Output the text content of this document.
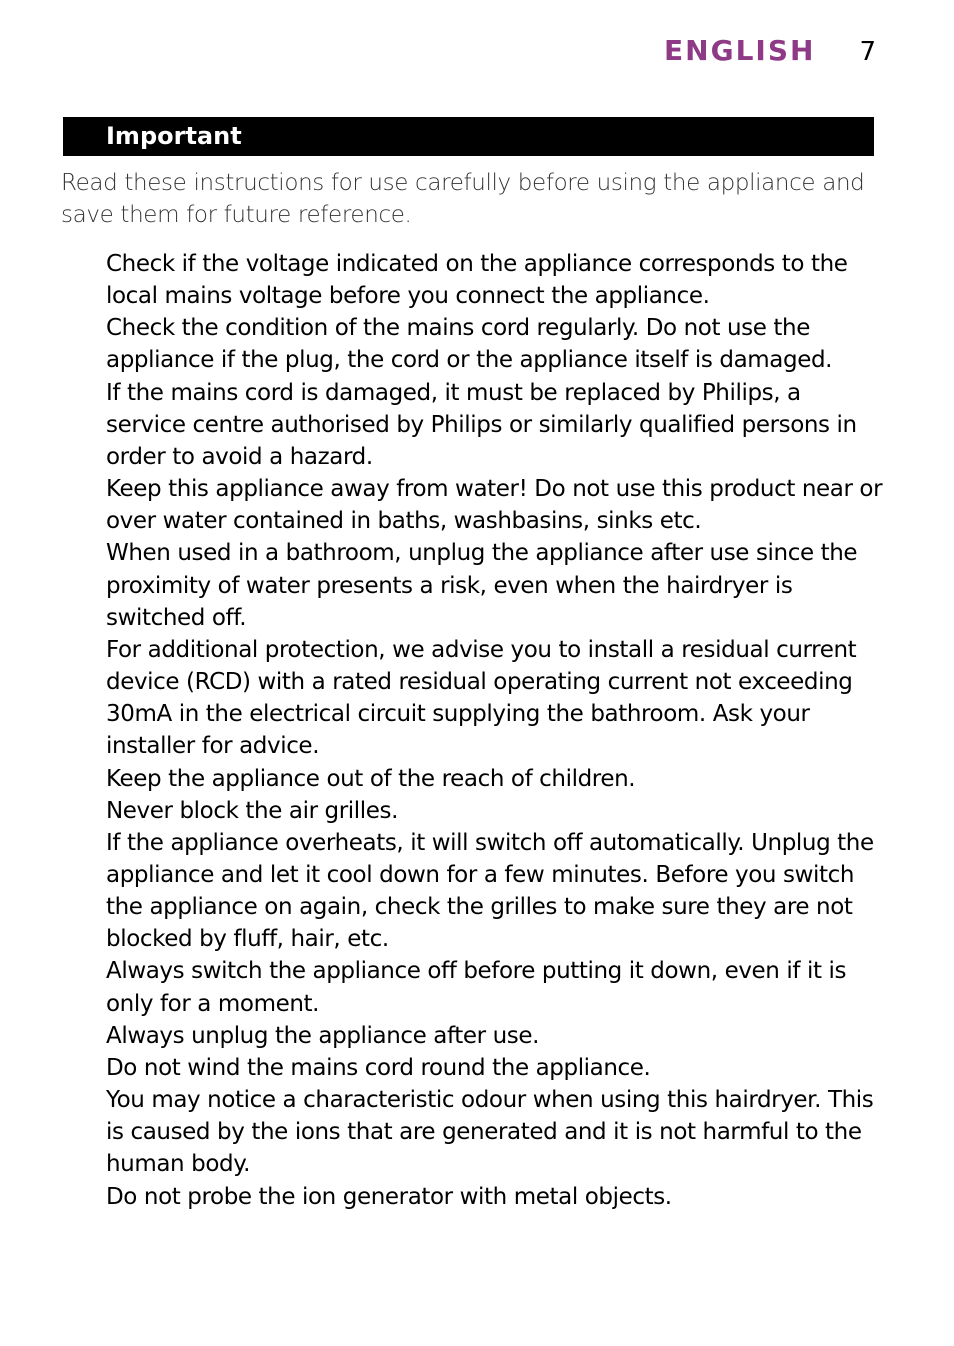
ENGLISH 7
Important

Read these instructions for use carefully before using the appliance and save them for future reference.

Check if the voltage indicated on the appliance corresponds to the local mains voltage before you connect the appliance.
Check the condition of the mains cord regularly. Do not use the appliance if the plug, the cord or the appliance itself is damaged.
If the mains cord is damaged, it must be replaced by Philips, a service centre authorised by Philips or similarly qualified persons in order to avoid a hazard.
Keep this appliance away from water! Do not use this product near or over water contained in baths, washbasins, sinks etc.
When used in a bathroom, unplug the appliance after use since the proximity of water presents a risk, even when the hairdryer is switched off.
For additional protection, we advise you to install a residual current device (RCD) with a rated residual operating current not exceeding 30mA in the electrical circuit supplying the bathroom. Ask your installer for advice.
Keep the appliance out of the reach of children.
Never block the air grilles.
If the appliance overheats, it will switch off automatically. Unplug the appliance and let it cool down for a few minutes. Before you switch the appliance on again, check the grilles to make sure they are not blocked by fluff, hair, etc.
Always switch the appliance off before putting it down, even if it is only for a moment.
Always unplug the appliance after use.
Do not wind the mains cord round the appliance.
You may notice a characteristic odour when using this hairdryer. This is caused by the ions that are generated and it is not harmful to the human body.
Do not probe the ion generator with metal objects.
